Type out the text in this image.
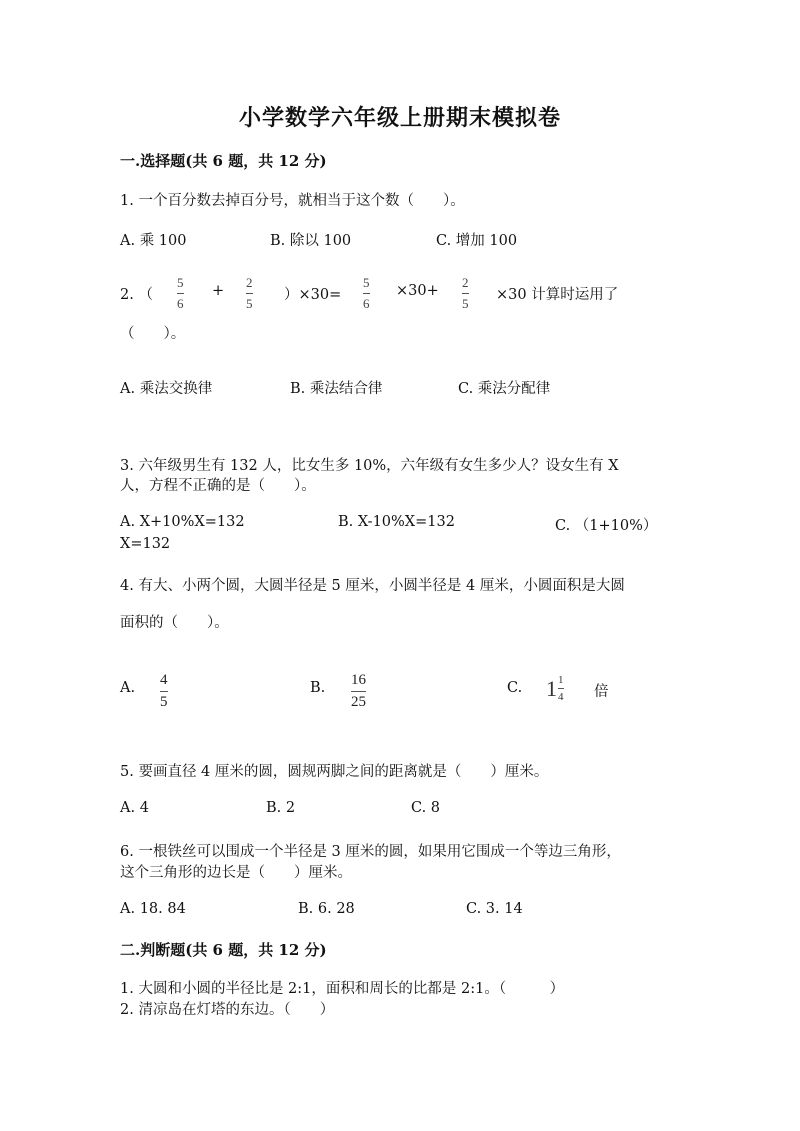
小学数学六年级上册期末模拟卷
一.选择题(共 6 题，共 12 分)
1. 一个百分数去掉百分号，就相当于这个数（　　）。
A. 乘 100	B. 除以 100	C. 增加 100
2. （
5
6
+
2
5
）×30=
5
6
×30+
2
5
×30 计算时运用了
（　　）。
A. 乘法交换律	B. 乘法结合律	C. 乘法分配律
3. 六年级男生有 132 人，比女生多 10%，六年级有女生多少人？设女生有 X
人，方程不正确的是（　　）。
A. X+10%X=132	B. X-10%X=132	C. （1+10%）
X=132
4. 有大、小两个圆，大圆半径是 5 厘米，小圆半径是 4 厘米，小圆面积是大圆
面积的（　　）。
A. 4
5
B. 16
25
C. $1 \frac{1}{4}$ 倍
5. 要画直径 4 厘米的圆，圆规两脚之间的距离就是（　　）厘米。
A. 4	B. 2	C. 8
6. 一根铁丝可以围成一个半径是 3 厘米的圆，如果用它围成一个等边三角形，
这个三角形的边长是（　　）厘米。
A. 18. 84	B. 6. 28	C. 3. 14
二.判断题(共 6 题，共 12 分)
1. 大圆和小圆的半径比是 2:1，面积和周长的比都是 2:1。（　　　）
2. 清凉岛在灯塔的东边。（　　）
